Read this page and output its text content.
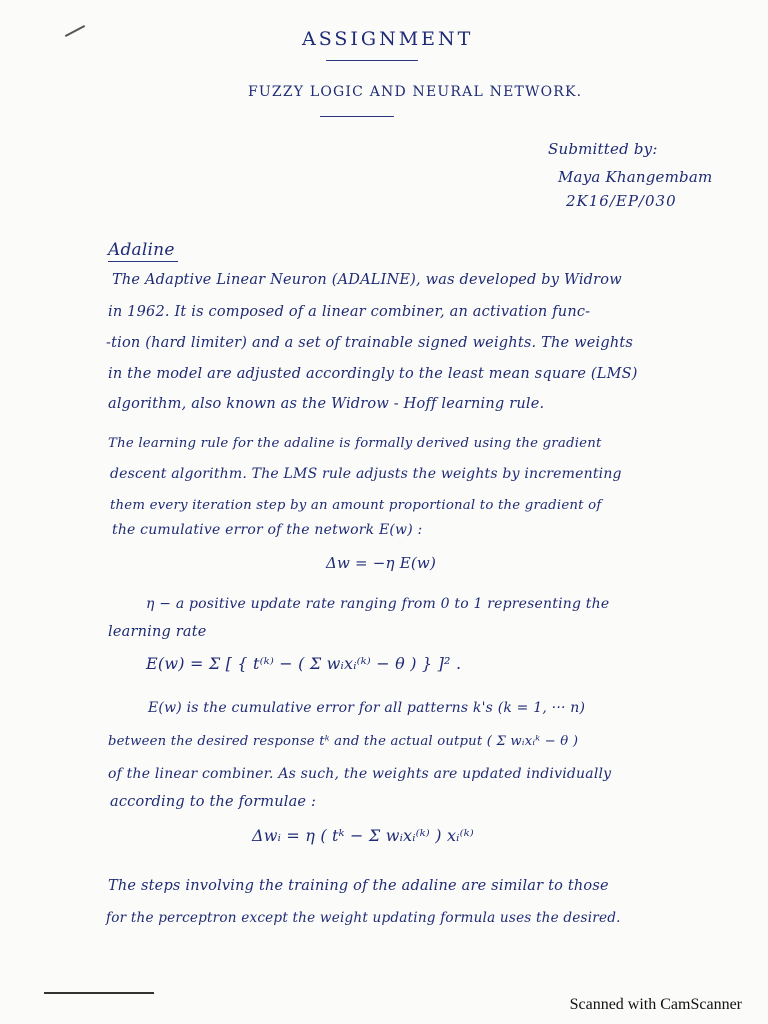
ASSIGNMENT
FUZZY LOGIC AND NEURAL NETWORK.
Submitted by:
Maya Khangembam
2K16/EP/030
Adaline
The Adaptive Linear Neuron (ADALINE), was developed by Widrow
in 1962. It is composed of a linear combiner, an activation func-
-tion (hard limiter) and a set of trainable signed weights. The weights
in the model are adjusted accordingly to the least mean square (LMS)
algorithm, also known as the Widrow - Hoff learning rule.
The learning rule for the adaline is formally derived using the gradient
descent algorithm. The LMS rule adjusts the weights by incrementing
them every iteration step by an amount proportional to the gradient of
the cumulative error of the network E(w) :
Δw = −η E(w)
η − a positive update rate ranging from 0 to 1 representing the
learning rate
E(w) = Σ [ { t⁽ᵏ⁾ − ( Σ wᵢxᵢ⁽ᵏ⁾ − θ ) } ]² .
E(w) is the cumulative error for all patterns k's (k = 1, ··· n)
between the desired response tᵏ and the actual output ( Σ wᵢxᵢᵏ − θ )
of the linear combiner. As such, the weights are updated individually
according to the formulae :
Δwᵢ = η ( tᵏ − Σ wᵢxᵢ⁽ᵏ⁾ ) xᵢ⁽ᵏ⁾
The steps involving the training of the adaline are similar to those
for the perceptron except the weight updating formula uses the desired.
Scanned with CamScanner
